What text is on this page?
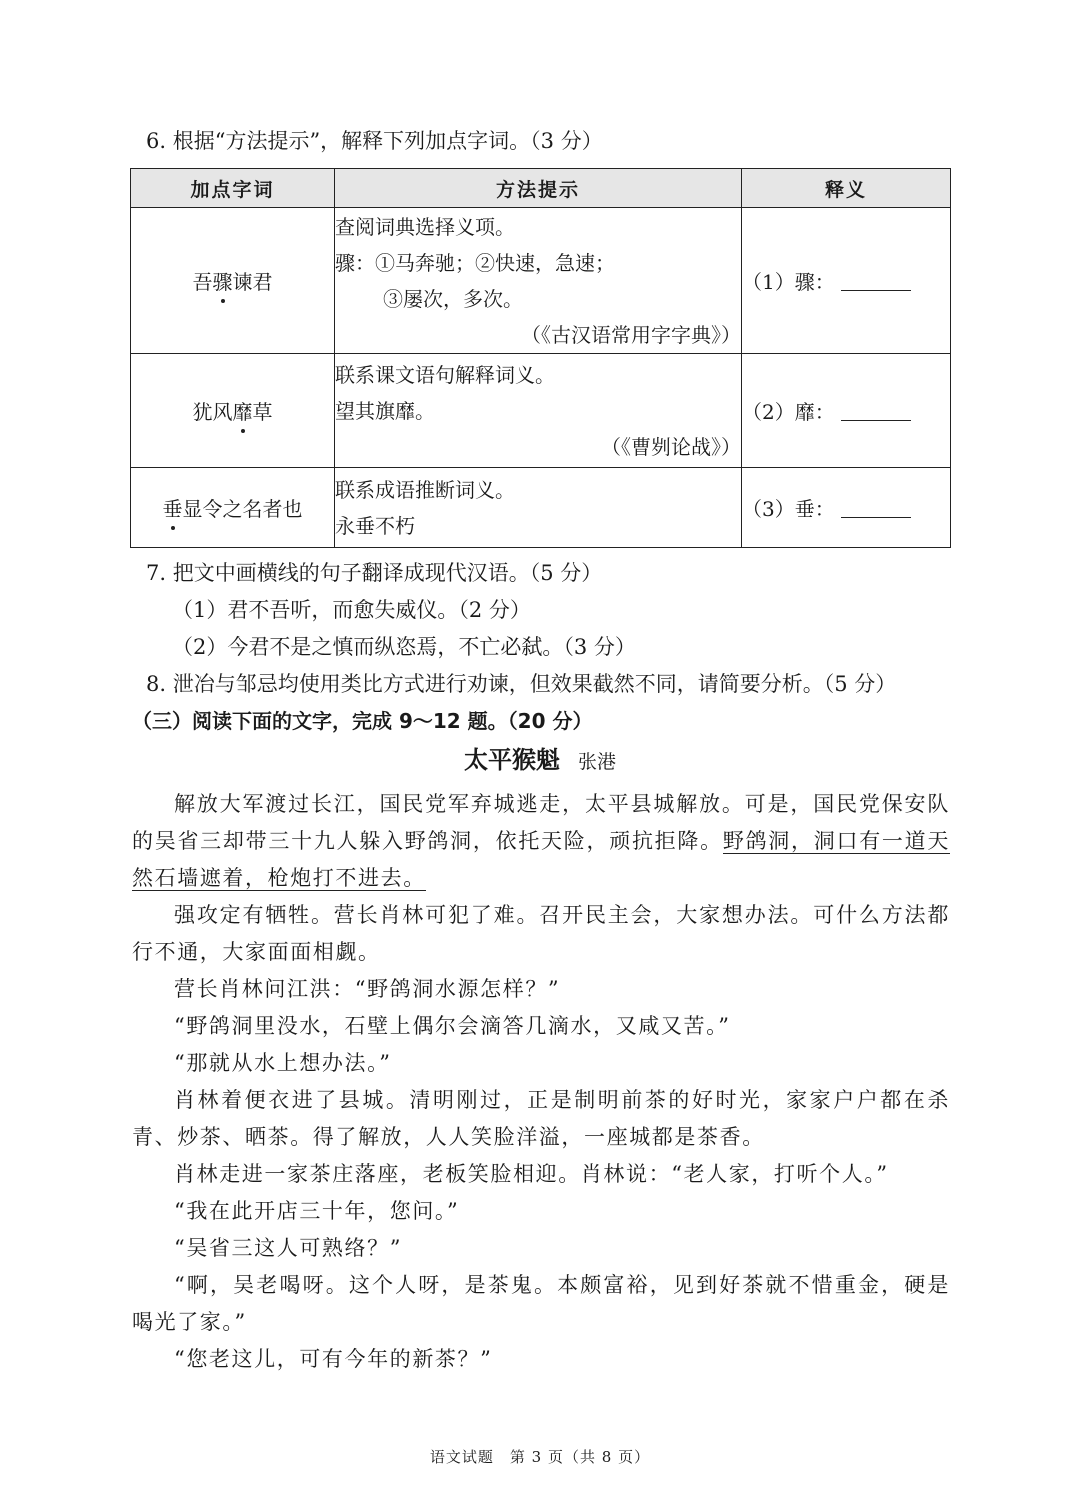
6. 根据“方法提示”，解释下列加点字词。（3 分）
加点字词	方法提示	释义
吾骤谏君	查阅词典选择义项。
骤：①马奔驰；②快速，急速；
③屡次，多次。
（《古汉语常用字字典》）	（1）骤：
犹风靡草	联系课文语句解释词义。
望其旗靡。
（《曹刿论战》）	（2）靡：
垂显令之名者也	联系成语推断词义。
永垂不朽	（3）垂：
7. 把文中画横线的句子翻译成现代汉语。（5 分）
（1）君不吾听，而愈失威仪。（2 分）
（2）今君不是之慎而纵恣焉，不亡必弑。（3 分）
8. 泄冶与邹忌均使用类比方式进行劝谏，但效果截然不同，请简要分析。（5 分）
（三）阅读下面的文字，完成 9～12 题。（20 分）
太平猴魁 张港

解放大军渡过长江，国民党军弃城逃走，太平县城解放。可是，国民党保安队的吴省三却带三十九人躲入野鸽洞，依托天险，顽抗拒降。野鸽洞，洞口有一道天然石墙遮着，枪炮打不进去。

强攻定有牺牲。营长肖林可犯了难。召开民主会，大家想办法。可什么方法都行不通，大家面面相觑。

营长肖林问江洪：“野鸽洞水源怎样？”

“野鸽洞里没水，石壁上偶尔会滴答几滴水，又咸又苦。”

“那就从水上想办法。”

肖林着便衣进了县城。清明刚过，正是制明前茶的好时光，家家户户都在杀青、炒茶、晒茶。得了解放，人人笑脸洋溢，一座城都是茶香。

肖林走进一家茶庄落座，老板笑脸相迎。肖林说：“老人家，打听个人。”

“我在此开店三十年，您问。”

“吴省三这人可熟络？”

“啊，吴老喝呀。这个人呀，是茶鬼。本颇富裕，见到好茶就不惜重金，硬是喝光了家。”

“您老这儿，可有今年的新茶？”

语文试题　第 3 页（共 8 页）
